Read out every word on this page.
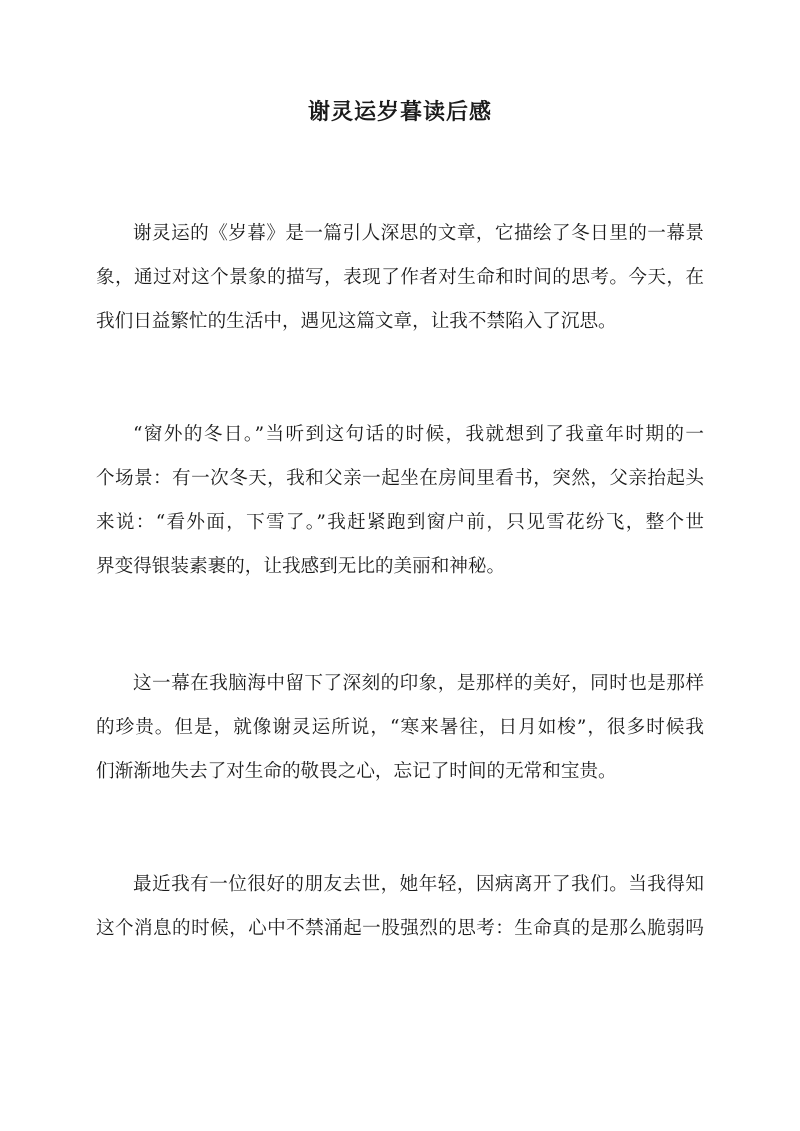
谢灵运岁暮读后感
谢灵运的《岁暮》是一篇引人深思的文章，它描绘了冬日里的一幕景
象，通过对这个景象的描写，表现了作者对生命和时间的思考。今天，在
我们日益繁忙的生活中，遇见这篇文章，让我不禁陷入了沉思。
“窗外的冬日。”当听到这句话的时候，我就想到了我童年时期的一
个场景：有一次冬天，我和父亲一起坐在房间里看书，突然，父亲抬起头
来说：“看外面，下雪了。”我赶紧跑到窗户前，只见雪花纷飞，整个世
界变得银装素裹的，让我感到无比的美丽和神秘。
这一幕在我脑海中留下了深刻的印象，是那样的美好，同时也是那样
的珍贵。但是，就像谢灵运所说，“寒来暑往，日月如梭”，很多时候我
们渐渐地失去了对生命的敬畏之心，忘记了时间的无常和宝贵。
最近我有一位很好的朋友去世，她年轻，因病离开了我们。当我得知
这个消息的时候，心中不禁涌起一股强烈的思考：生命真的是那么脆弱吗
